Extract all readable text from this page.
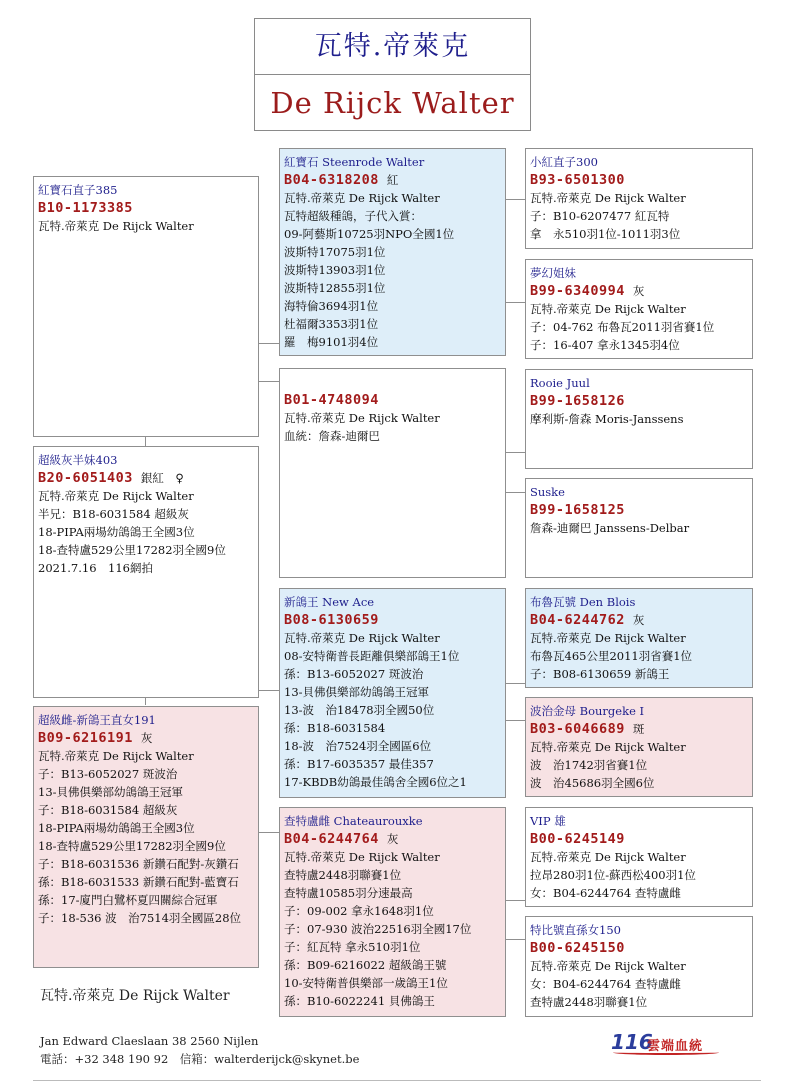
瓦特.帝萊克
De Rijck Walter
紅寶石直子385
B10-1173385
瓦特.帝萊克 De Rijck Walter
紅寶石 Steenrode Walter
B04-6318208 紅
瓦特.帝萊克 De Rijck Walter
瓦特超級種鴿，子代入賞：
09-阿藝斯10725羽NPO全國1位
波斯特17075羽1位
波斯特13903羽1位
波斯特12855羽1位
海特倫3694羽1位
杜福爾3353羽1位
羅　梅9101羽4位
B01-4748094
瓦特.帝萊克 De Rijck Walter
血統：詹森-迪爾巴
小紅直子300
B93-6501300
瓦特.帝萊克 De Rijck Walter
子：B10-6207477 紅瓦特
拿　永510羽1位-1011羽3位
夢幻姐妹
B99-6340994 灰
瓦特.帝萊克 De Rijck Walter
子：04-762 布魯瓦2011羽省賽1位
子：16-407 拿永1345羽4位
Rooie Juul
B99-1658126
摩利斯-詹森 Moris-Janssens
Suske
B99-1658125
詹森-迪爾巴 Janssens-Delbar
超級灰半妹403
B20-6051403 銀紅　♀
瓦特.帝萊克 De Rijck Walter
半兄：B18-6031584 超級灰
18-PIPA兩場幼鴿鴿王全國3位
18-查特盧529公里17282羽全國9位
2021.7.16　116網拍
新鴿王 New Ace
B08-6130659
瓦特.帝萊克 De Rijck Walter
08-安特衛普長距離俱樂部鴿王1位
孫：B13-6052027 斑波治
13-貝佛俱樂部幼鴿鴿王冠軍
13-波　治18478羽全國50位
孫：B18-6031584
18-波　治7524羽全國區6位
孫：B17-6035357 最佳357
17-KBDB幼鴿最佳鴿舍全國6位之1
查特盧雌 Chateaurouxke
B04-6244764 灰
瓦特.帝萊克 De Rijck Walter
查特盧2448羽聯賽1位
查特盧10585羽分速最高
子：09-002 拿永1648羽1位
子：07-930 波治22516羽全國17位
子：紅瓦特 拿永510羽1位
孫：B09-6216022 超級鴿王號
10-安特衛普俱樂部一歲鴿王1位
孫：B10-6022241 貝佛鴿王
超級雌-新鴿王直女191
B09-6216191 灰
瓦特.帝萊克 De Rijck Walter
子：B13-6052027 斑波治
13-貝佛俱樂部幼鴿鴿王冠軍
子：B18-6031584 超級灰
18-PIPA兩場幼鴿鴿王全國3位
18-查特盧529公里17282羽全國9位
子：B18-6031536 新鑽石配對-灰鑽石
孫：B18-6031533 新鑽石配對-藍寶石
孫：17-廈門白鷺杯夏四關綜合冠軍
子：18-536 波　治7514羽全國區28位
布魯瓦號 Den Blois
B04-6244762 灰
瓦特.帝萊克 De Rijck Walter
布魯瓦465公里2011羽省賽1位
子：B08-6130659 新鴿王
波治金母 Bourgeke I
B03-6046689 斑
瓦特.帝萊克 De Rijck Walter
波　治1742羽省賽1位
波　治45686羽全國6位
VIP 雄
B00-6245149
瓦特.帝萊克 De Rijck Walter
拉昂280羽1位-蘇西松400羽1位
女：B04-6244764 查特盧雌
特比號直孫女150
B00-6245150
瓦特.帝萊克 De Rijck Walter
女：B04-6244764 查特盧雌
查特盧2448羽聯賽1位
瓦特.帝萊克 De Rijck Walter
Jan Edward Claeslaan 38 2560 Nijlen
電話：+32 348 190 92　信箱：walterderijck@skynet.be
116
雲端血統
